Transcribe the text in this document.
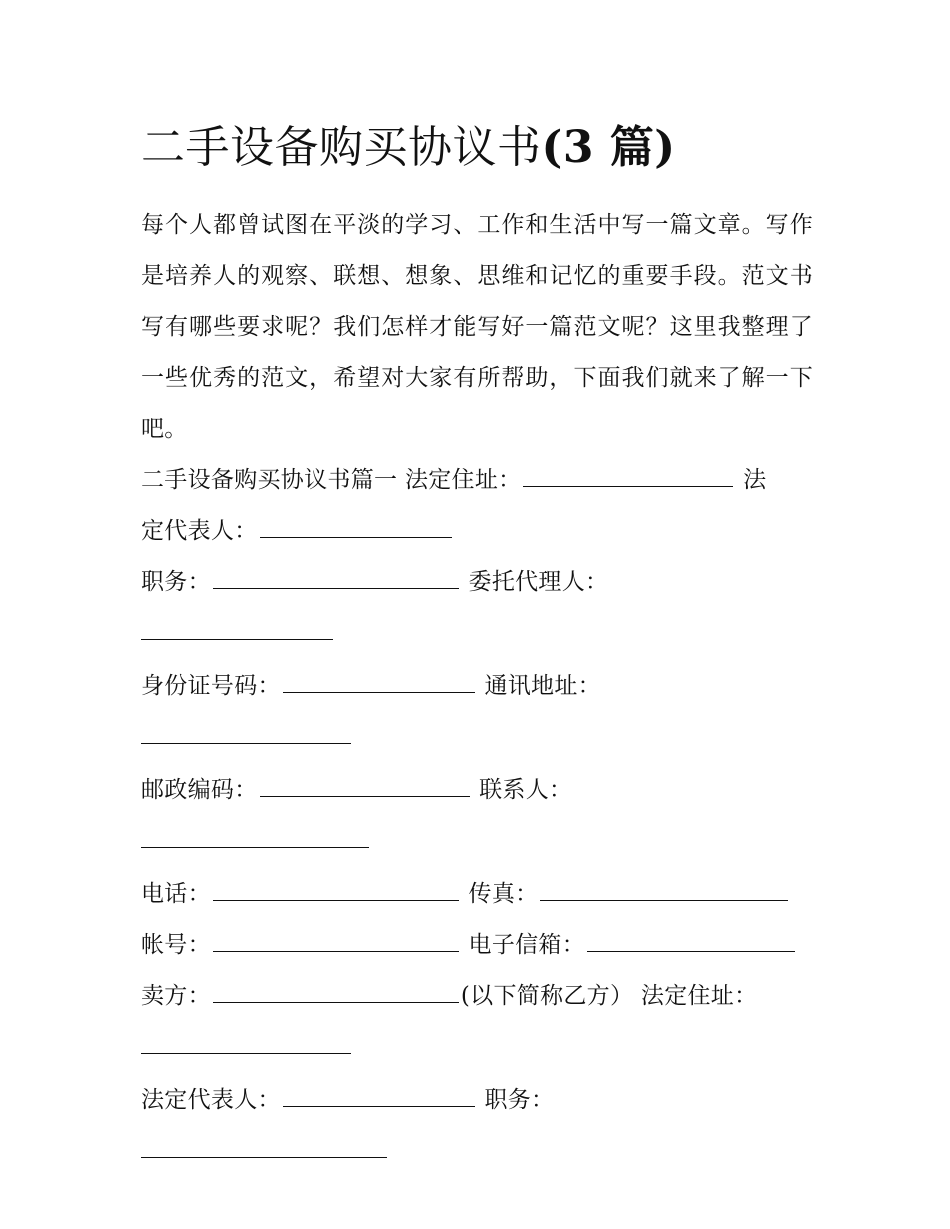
二手设备购买协议书(3 篇)

每个人都曾试图在平淡的学习、工作和生活中写一篇文章。写作是培养人的观察、联想、想象、思维和记忆的重要手段。范文书写有哪些要求呢？我们怎样才能写好一篇范文呢？这里我整理了一些优秀的范文，希望对大家有所帮助，下面我们就来了解一下吧。

二手设备购买协议书篇一 法定住址：	法

定代表人：

职务：	委托代理人：

身份证号码：	通讯地址：

邮政编码：	联系人：

电话：	传真：

帐号：	电子信箱：

卖方：	(以下简称乙方） 法定住址：

法定代表人：	职务：
